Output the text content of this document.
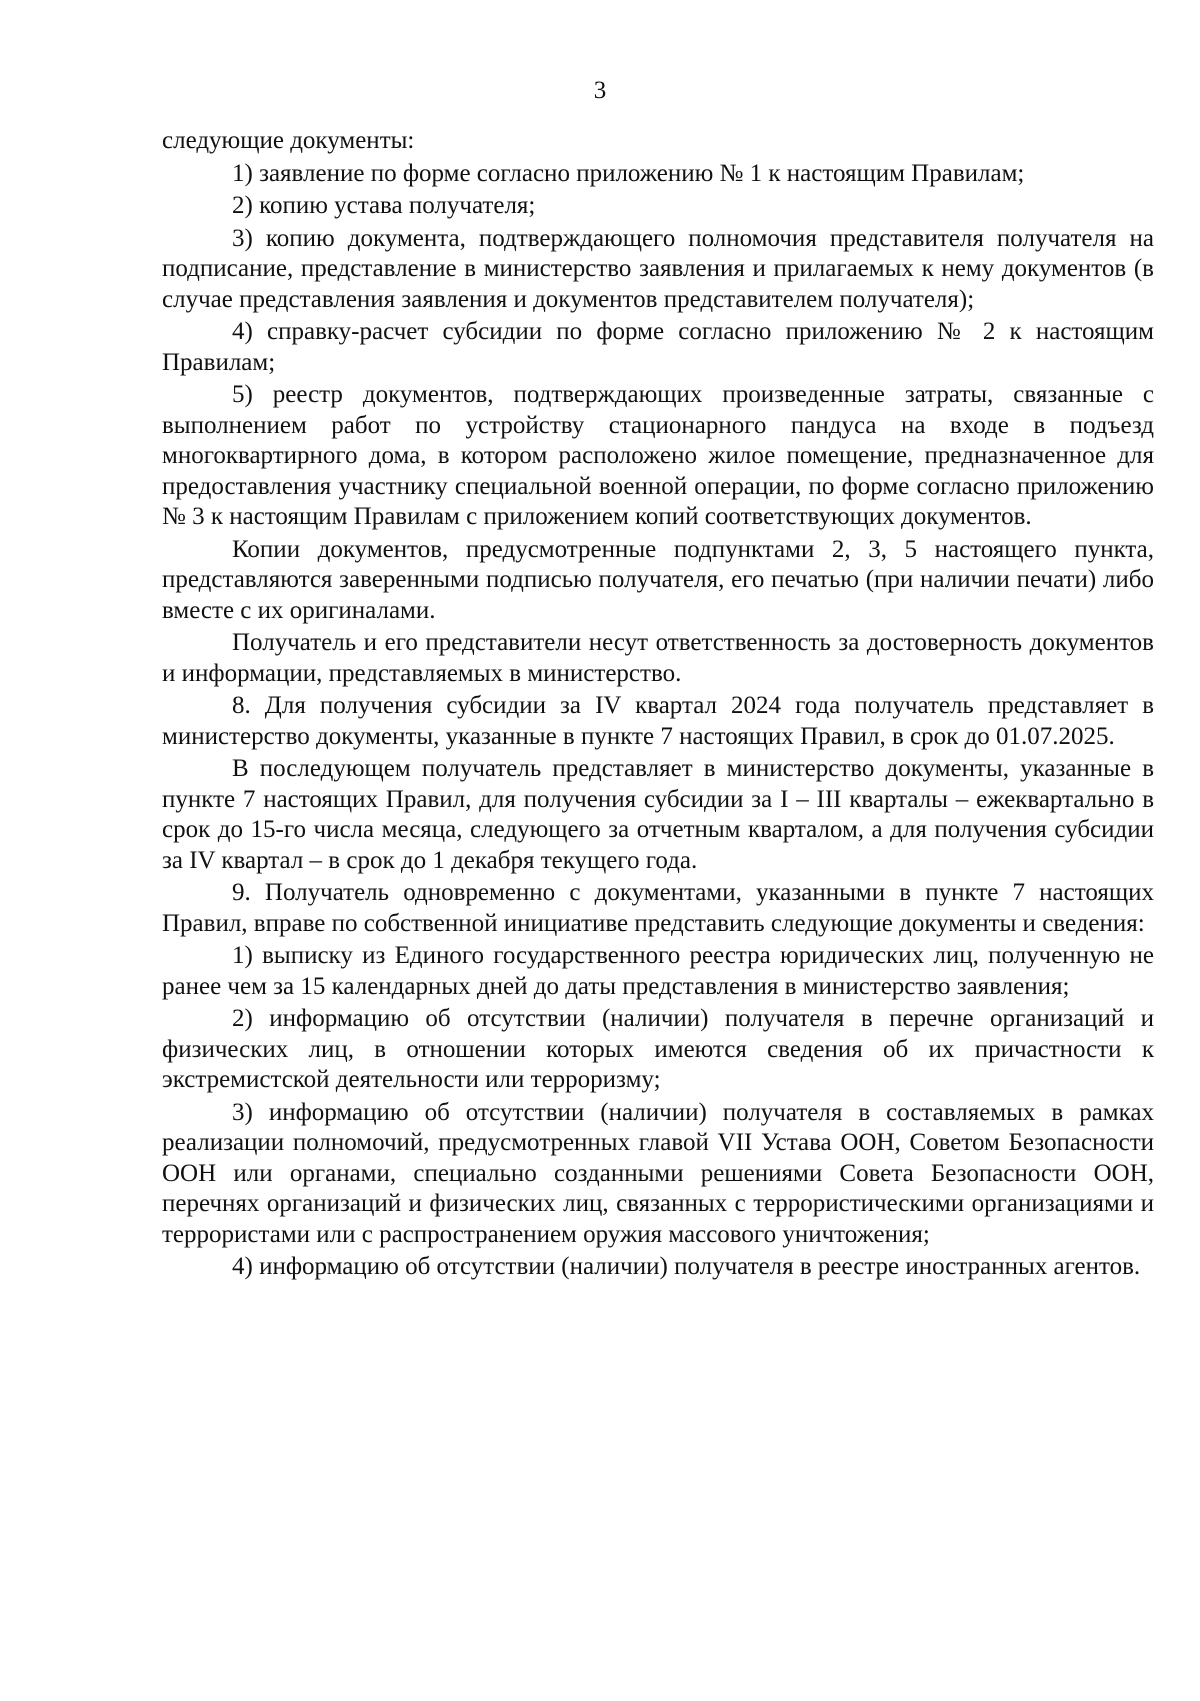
3

следующие документы:

1) заявление по форме согласно приложению № 1 к настоящим Правилам;

2) копию устава получателя;

3) копию документа, подтверждающего полномочия представителя получателя на подписание, представление в министерство заявления и прилагаемых к нему документов (в случае представления заявления и документов представителем получателя);

4) справку-расчет субсидии по форме согласно приложению № 2 к настоящим Правилам;

5) реестр документов, подтверждающих произведенные затраты, связанные с выполнением работ по устройству стационарного пандуса на входе в подъезд многоквартирного дома, в котором расположено жилое помещение, предназначенное для предоставления участнику специальной военной операции, по форме согласно приложению № 3 к настоящим Правилам с приложением копий соответствующих документов.

Копии документов, предусмотренные подпунктами 2, 3, 5 настоящего пункта, представляются заверенными подписью получателя, его печатью (при наличии печати) либо вместе с их оригиналами.

Получатель и его представители несут ответственность за достоверность документов и информации, представляемых в министерство.

8. Для получения субсидии за IV квартал 2024 года получатель представляет в министерство документы, указанные в пункте 7 настоящих Правил, в срок до 01.07.2025.

В последующем получатель представляет в министерство документы, указанные в пункте 7 настоящих Правил, для получения субсидии за I – III кварталы – ежеквартально в срок до 15-го числа месяца, следующего за отчетным кварталом, а для получения субсидии за IV квартал – в срок до 1 декабря текущего года.

9. Получатель одновременно с документами, указанными в пункте 7 настоящих Правил, вправе по собственной инициативе представить следующие документы и сведения:

1) выписку из Единого государственного реестра юридических лиц, полученную не ранее чем за 15 календарных дней до даты представления в министерство заявления;

2) информацию об отсутствии (наличии) получателя в перечне организаций и физических лиц, в отношении которых имеются сведения об их причастности к экстремистской деятельности или терроризму;

3) информацию об отсутствии (наличии) получателя в составляемых в рамках реализации полномочий, предусмотренных главой VII Устава ООН, Советом Безопасности ООН или органами, специально созданными решениями Совета Безопасности ООН, перечнях организаций и физических лиц, связанных с террористическими организациями и террористами или с распространением оружия массового уничтожения;

4) информацию об отсутствии (наличии) получателя в реестре иностранных агентов.
